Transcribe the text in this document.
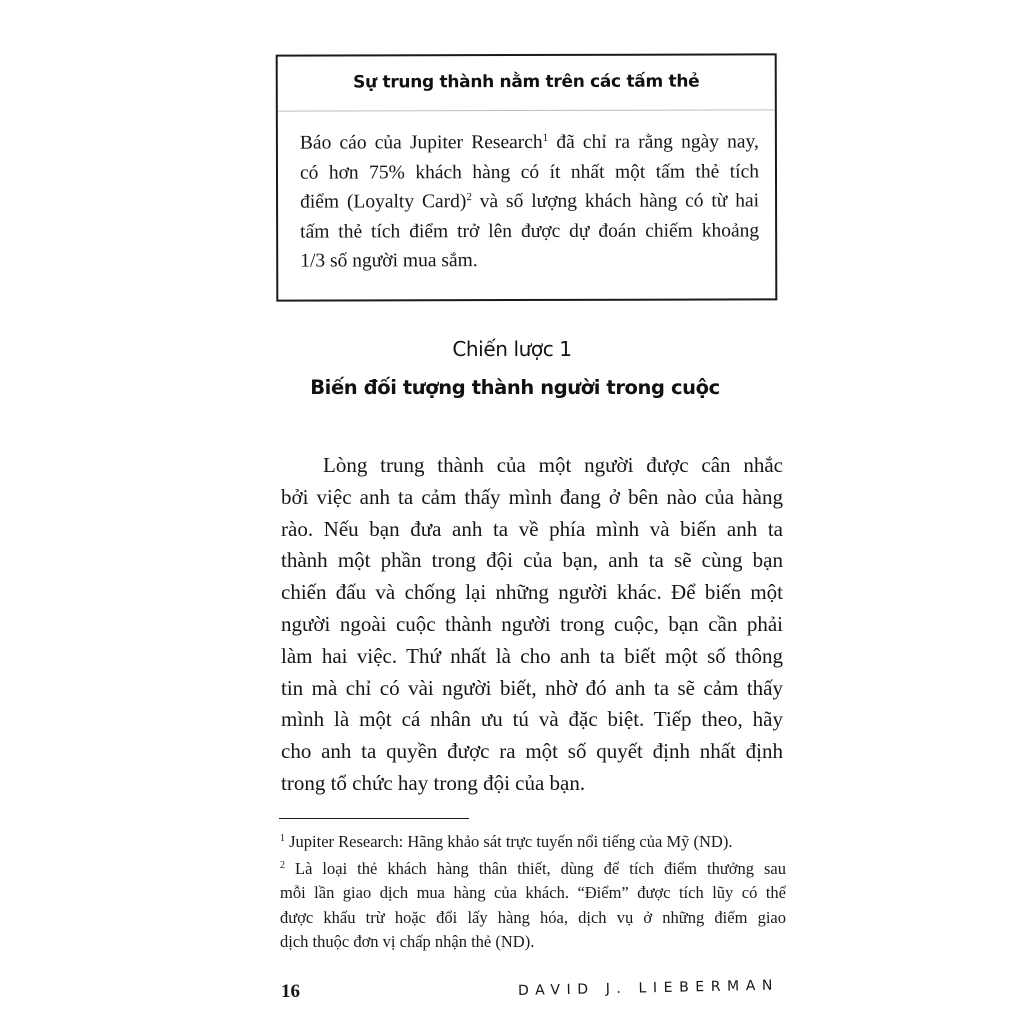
Sự trung thành nằm trên các tấm thẻ
Báo cáo của Jupiter Research$^1$ đã chỉ ra rằng ngày nay,
có hơn 75% khách hàng có ít nhất một tấm thẻ tích
điểm (Loyalty Card)$^2$ và số lượng khách hàng có từ hai
tấm thẻ tích điểm trở lên được dự đoán chiếm khoảng
1/3 số người mua sắm.
Chiến lược 1
Biến đối tượng thành người trong cuộc
Lòng trung thành của một người được cân nhắc
bởi việc anh ta cảm thấy mình đang ở bên nào của hàng
rào. Nếu bạn đưa anh ta về phía mình và biến anh ta
thành một phần trong đội của bạn, anh ta sẽ cùng bạn
chiến đấu và chống lại những người khác. Để biến một
người ngoài cuộc thành người trong cuộc, bạn cần phải
làm hai việc. Thứ nhất là cho anh ta biết một số thông
tin mà chỉ có vài người biết, nhờ đó anh ta sẽ cảm thấy
mình là một cá nhân ưu tú và đặc biệt. Tiếp theo, hãy
cho anh ta quyền được ra một số quyết định nhất định
trong tổ chức hay trong đội của bạn.
$^1$ Jupiter Research: Hãng khảo sát trực tuyến nổi tiếng của Mỹ (ND).
$^2$ Là loại thẻ khách hàng thân thiết, dùng để tích điểm thưởng sau
mỗi lần giao dịch mua hàng của khách. “Điểm” được tích lũy có thể
được khấu trừ hoặc đổi lấy hàng hóa, dịch vụ ở những điểm giao
dịch thuộc đơn vị chấp nhận thẻ (ND).
16	DAVID J. LIEBERMAN
